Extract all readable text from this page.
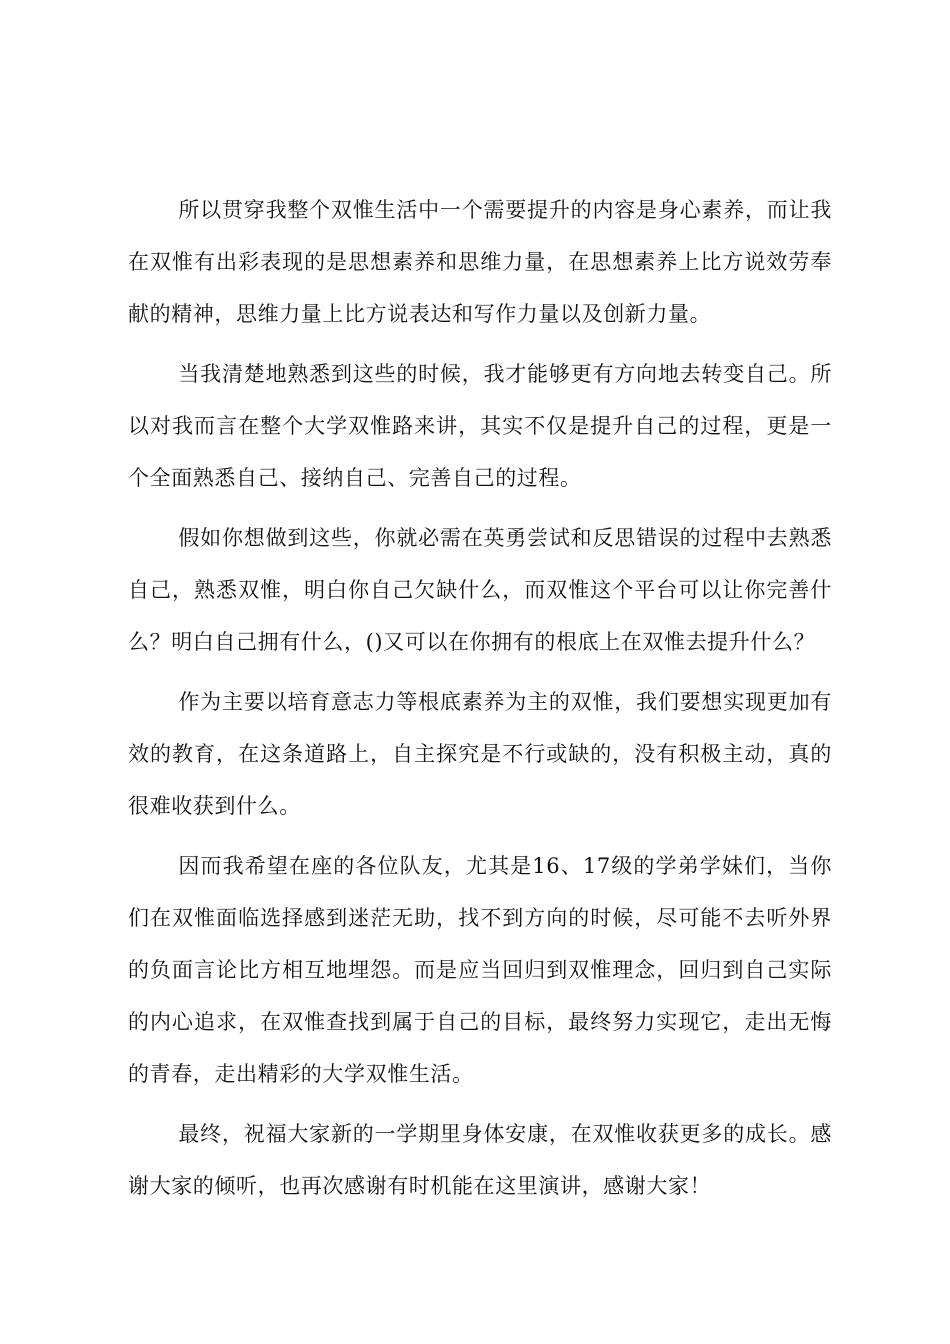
所以贯穿我整个双惟生活中一个需要提升的内容是身心素养，而让我在双惟有出彩表现的是思想素养和思维力量，在思想素养上比方说效劳奉献的精神，思维力量上比方说表达和写作力量以及创新力量。

当我清楚地熟悉到这些的时候，我才能够更有方向地去转变自己。所以对我而言在整个大学双惟路来讲，其实不仅是提升自己的过程，更是一个全面熟悉自己、接纳自己、完善自己的过程。

假如你想做到这些，你就必需在英勇尝试和反思错误的过程中去熟悉自己，熟悉双惟，明白你自己欠缺什么，而双惟这个平台可以让你完善什么？明白自己拥有什么，()又可以在你拥有的根底上在双惟去提升什么？

作为主要以培育意志力等根底素养为主的双惟，我们要想实现更加有效的教育，在这条道路上，自主探究是不行或缺的，没有积极主动，真的很难收获到什么。

因而我希望在座的各位队友，尤其是16、17级的学弟学妹们，当你们在双惟面临选择感到迷茫无助，找不到方向的时候，尽可能不去听外界的负面言论比方相互地埋怨。而是应当回归到双惟理念，回归到自己实际的内心追求，在双惟查找到属于自己的目标，最终努力实现它，走出无悔的青春，走出精彩的大学双惟生活。

最终，祝福大家新的一学期里身体安康，在双惟收获更多的成长。感谢大家的倾听，也再次感谢有时机能在这里演讲，感谢大家！
